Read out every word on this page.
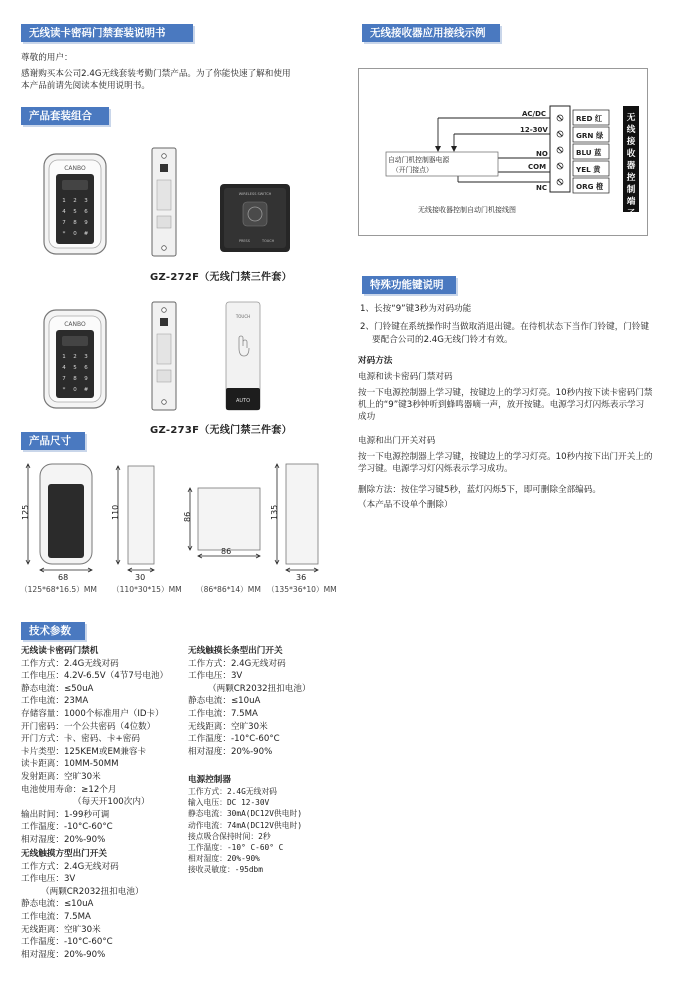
无线读卡密码门禁套装说明书
尊敬的用户：
感谢购买本公司2.4G无线套装考勤门禁产品。为了你能快速了解和使用
本产品前请先阅读本使用说明书。
产品套装组合
CANBO
1 2 3
4 5 6
7 8 9
* 0 #
WIRELESS SWITCH
PRESS	TOUCH
GZ-272F（无线门禁三件套）
CANBO
1 2 3
4 5 6
7 8 9
* 0 #
TOUCH
AUTO
GZ-273F（无线门禁三件套）
产品尺寸
125
68
110
30
86
86
135
36
（125*68*16.5）MM （110*30*15）MM （86*86*14）MM （135*36*10）MM
技术参数
无线读卡密码门禁机
工作方式：2.4G无线对码
工作电压：4.2V-6.5V（4节7号电池）
静态电流：≤50uA
工作电流：23MA
存储容量：1000个标准用户（ID卡）
开门密码：一个公共密码（4位数）
开门方式：卡、密码、卡+密码
卡片类型：125KEM或EM兼容卡
读卡距离：10MM-50MM
发射距离：空旷30米
电池使用寿命：≥12个月
（每天开100次内）
输出时间：1-99秒可调
工作温度：-10°C-60°C
相对湿度：20%-90%
无线触摸方型出门开关
工作方式：2.4G无线对码
工作电压：3V
（两颗CR2032扭扣电池）
静态电流：≤10uA
工作电流：7.5MA
无线距离：空旷30米
工作温度：-10°C-60°C
相对湿度：20%-90%
无线触摸长条型出门开关
工作方式：2.4G无线对码
工作电压：3V
（两颗CR2032扭扣电池）
静态电流：≤10uA
工作电流：7.5MA
无线距离：空旷30米
工作温度：-10°C-60°C
相对湿度：20%-90%
电源控制器
工作方式：2.4G无线对码
输入电压：DC 12-30V
静态电流：30mA(DC12V供电时)
动作电流：74mA(DC12V供电时)
接点吸合保持时间：2秒
工作温度：-10° C-60° C
相对湿度：20%-90%
接收灵敏度：-95dbm
无线接收器应用接线示例
RED 红
GRN 绿
BLU 蓝
YEL 黄
ORG 橙
无
线
接
收
器
控
制
端
子
AC/DC
12-30V
NO
COM
NC
自动门机控制器电源
（开门接点）
无线接收器控制自动门机接线图
特殊功能键说明
1、长按“9”键3秒为对码功能
2、门铃键在系统操作时当做取消退出键。在待机状态下当作门铃键，门铃键
要配合公司的2.4G无线门铃才有效。
对码方法
电源和读卡密码门禁对码
按一下电源控制器上学习键，按键边上的学习灯亮。10秒内按下读卡密码门禁
机上的“9”键3秒钟听到蜂鸣器嘀一声，放开按键。电源学习灯闪烁表示学习
成功
电源和出门开关对码
按一下电源控制器上学习键，按键边上的学习灯亮。10秒内按下出门开关上的
学习键。电源学习灯闪烁表示学习成功。
删除方法：按住学习键5秒，蓝灯闪烁5下，即可删除全部编码。
（本产品不设单个删除）
